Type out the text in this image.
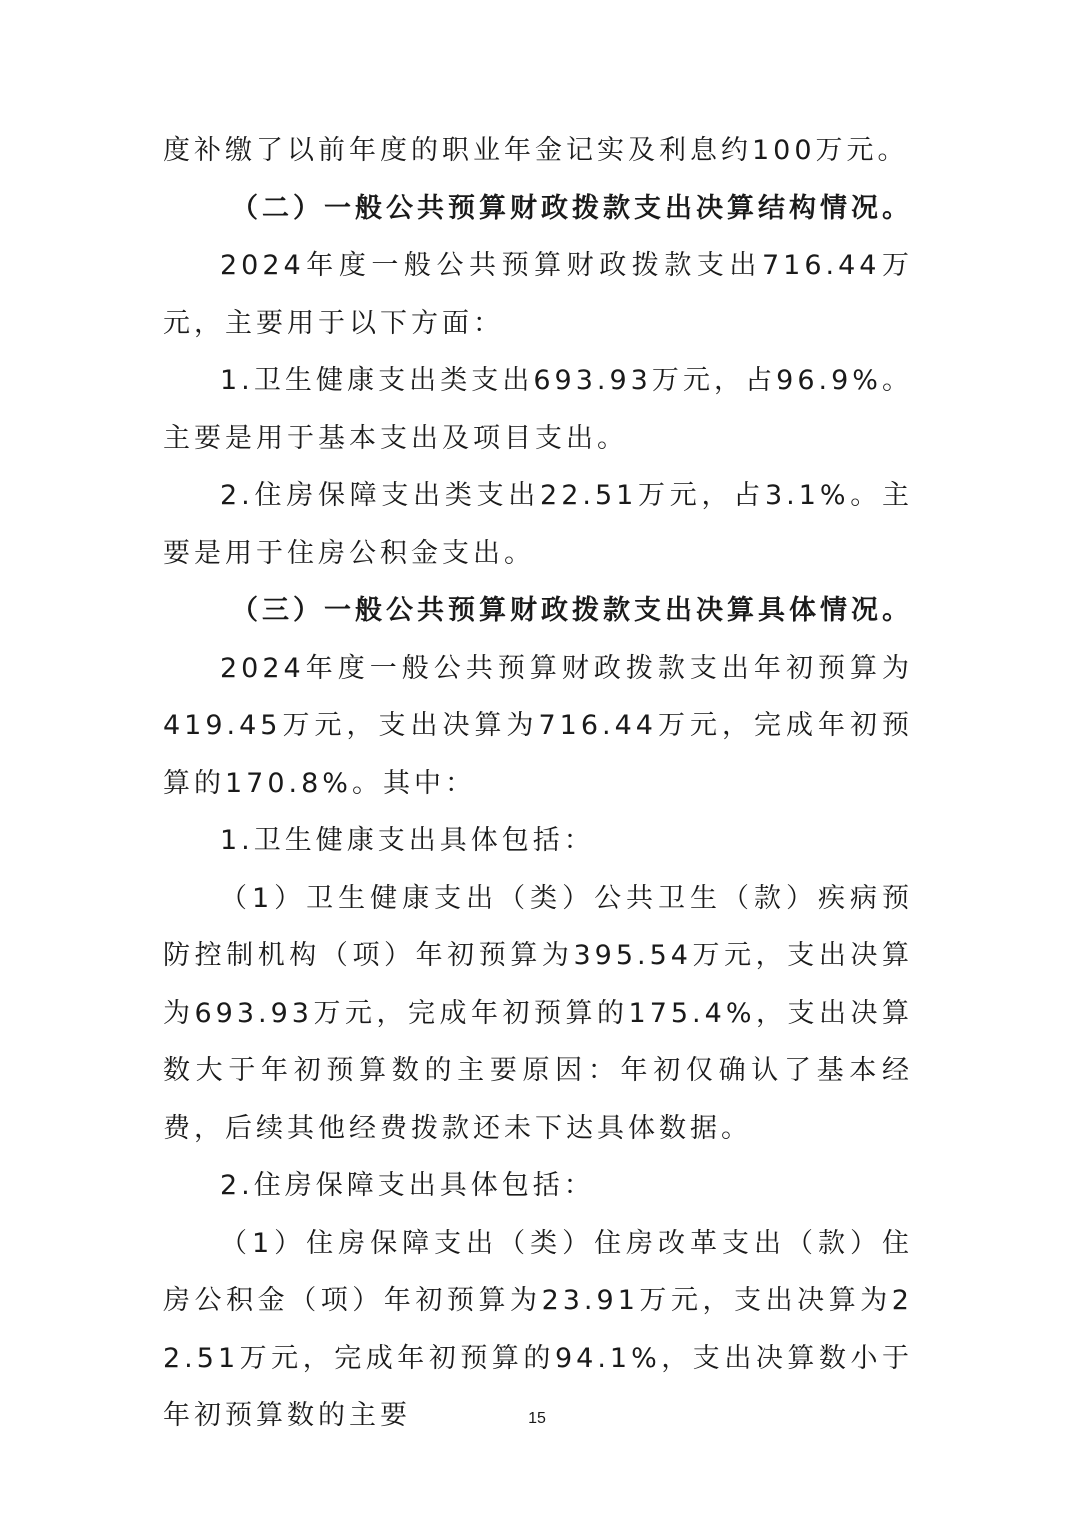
度补缴了以前年度的职业年金记实及利息约100万元。

（二）一般公共预算财政拨款支出决算结构情况。

2024年度一般公共预算财政拨款支出716.44万元，主要用于以下方面：

1.卫生健康支出类支出693.93万元，占96.9%。主要是用于基本支出及项目支出。

2.住房保障支出类支出22.51万元，占3.1%。主要是用于住房公积金支出。

（三）一般公共预算财政拨款支出决算具体情况。

2024年度一般公共预算财政拨款支出年初预算为419.45万元，支出决算为716.44万元，完成年初预算的170.8%。其中：

1.卫生健康支出具体包括：

（1）卫生健康支出（类）公共卫生（款）疾病预防控制机构（项）年初预算为395.54万元，支出决算为693.93万元，完成年初预算的175.4%，支出决算数大于年初预算数的主要原因：年初仅确认了基本经费，后续其他经费拨款还未下达具体数据。

2.住房保障支出具体包括：

（1）住房保障支出（类）住房改革支出（款）住房公积金（项）年初预算为23.91万元，支出决算为22.51万元，完成年初预算的94.1%，支出决算数小于年初预算数的主要	15
